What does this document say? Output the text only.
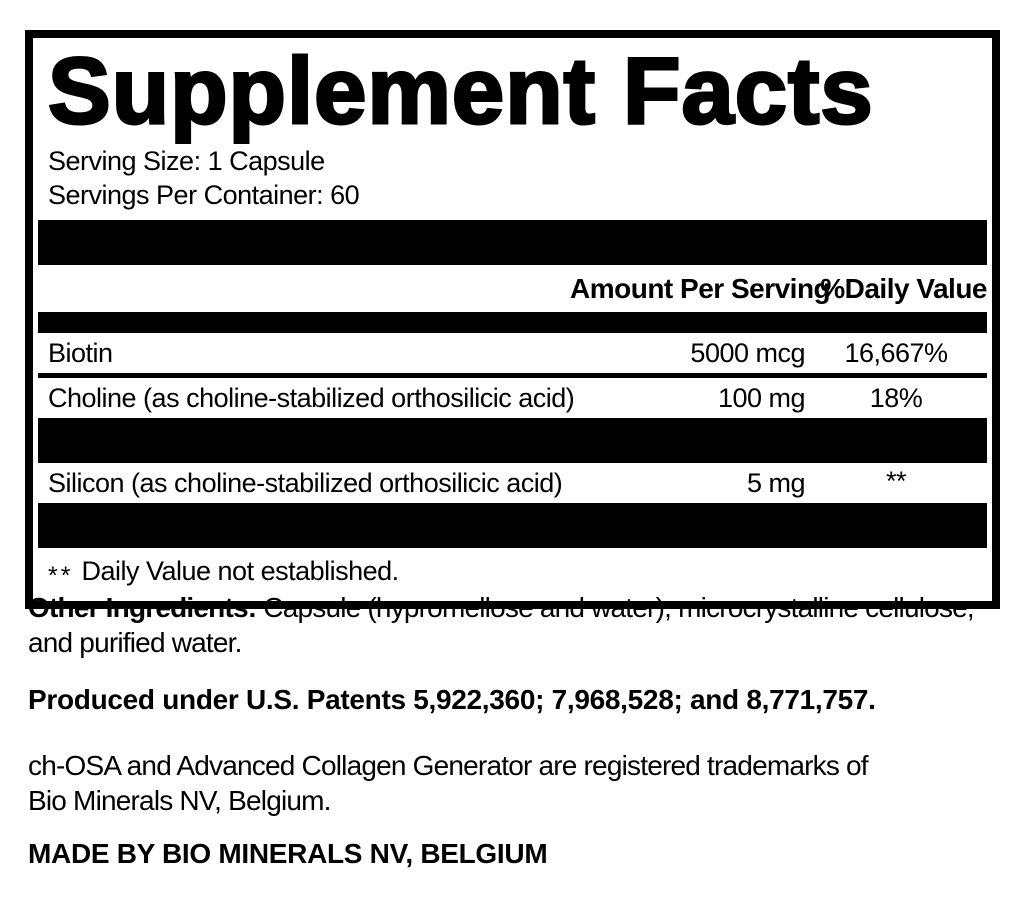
Supplement Facts
Serving Size: 1 Capsule
Servings Per Container: 60
Amount Per Serving
%Daily Value
Biotin	5000 mcg	16,667%
Choline (as choline-stabilized orthosilicic acid)	100 mg	18%
Silicon (as choline-stabilized orthosilicic acid)	5 mg	**
** Daily Value not established.
Other Ingredients: Capsule (hypromellose and water), microcrystalline cellulose,
and purified water.
Produced under U.S. Patents 5,922,360; 7,968,528; and 8,771,757.
ch-OSA and Advanced Collagen Generator are registered trademarks of
Bio Minerals NV, Belgium.
MADE BY BIO MINERALS NV, BELGIUM
